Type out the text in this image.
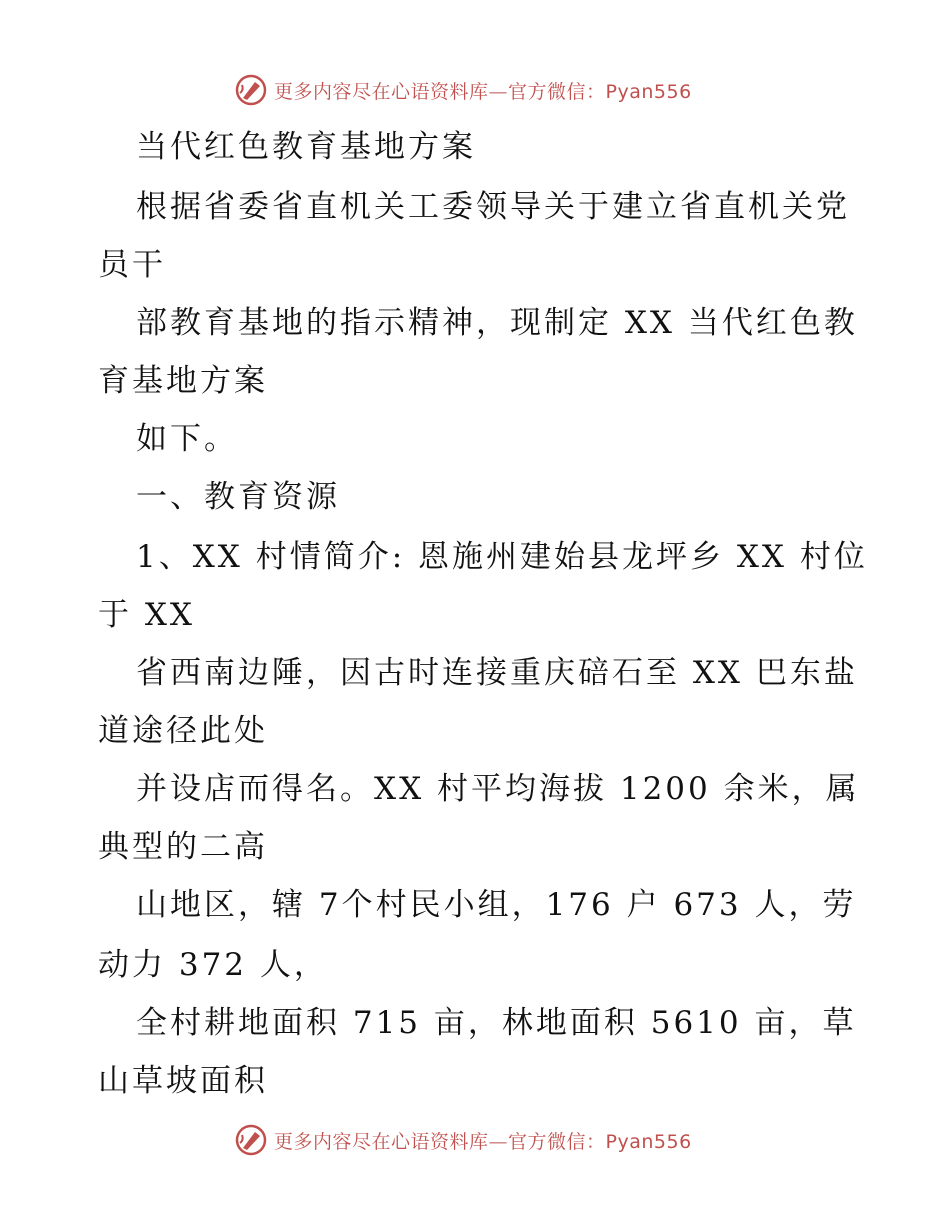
更多内容尽在心语资料库—官方微信：Pyan556
当代红色教育基地方案
根据省委省直机关工委领导关于建立省直机关党
员干
部教育基地的指示精神，现制定 XX 当代红色教
育基地方案
如下。
一、教育资源
1、XX 村情简介: 恩施州建始县龙坪乡 XX 村位
于 XX
省西南边陲，因古时连接重庆碚石至 XX 巴东盐
道途径此处
并设店而得名。XX 村平均海拔 1200 余米，属
典型的二高
山地区，辖 7个村民小组，176 户 673 人，劳
动力 372 人，
全村耕地面积 715 亩，林地面积 5610 亩，草
山草坡面积
更多内容尽在心语资料库—官方微信：Pyan556
